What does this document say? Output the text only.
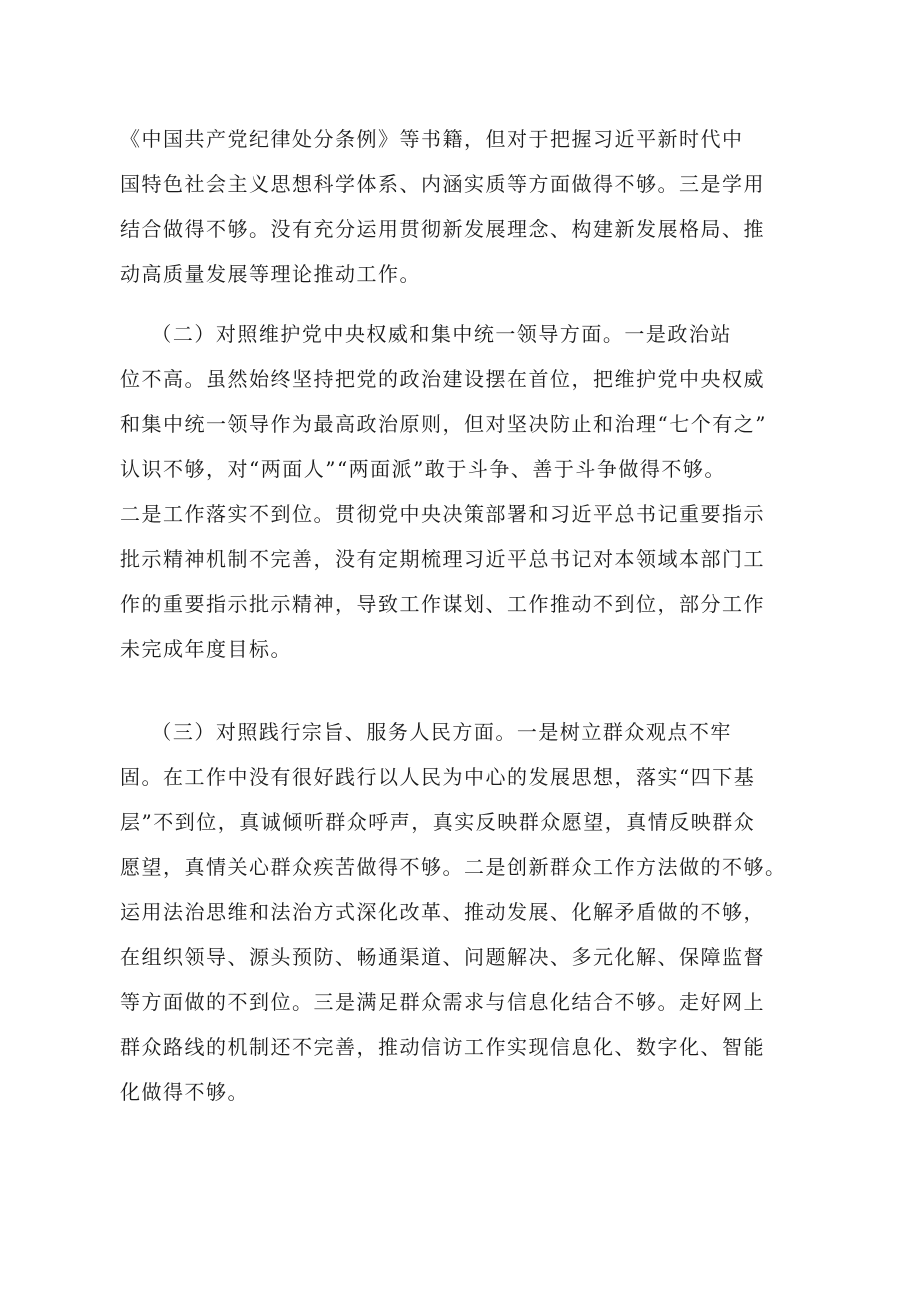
《中国共产党纪律处分条例》等书籍，但对于把握习近平新时代中
国特色社会主义思想科学体系、内涵实质等方面做得不够。三是学用
结合做得不够。没有充分运用贯彻新发展理念、构建新发展格局、推
动高质量发展等理论推动工作。

（二）对照维护党中央权威和集中统一领导方面。一是政治站
位不高。虽然始终坚持把党的政治建设摆在首位，把维护党中央权威
和集中统一领导作为最高政治原则，但对坚决防止和治理“七个有之”
认识不够，对“两面人”“两面派”敢于斗争、善于斗争做得不够。
二是工作落实不到位。贯彻党中央决策部署和习近平总书记重要指示
批示精神机制不完善，没有定期梳理习近平总书记对本领域本部门工
作的重要指示批示精神，导致工作谋划、工作推动不到位，部分工作
未完成年度目标。

（三）对照践行宗旨、服务人民方面。一是树立群众观点不牢
固。在工作中没有很好践行以人民为中心的发展思想，落实“四下基
层”不到位，真诚倾听群众呼声，真实反映群众愿望，真情反映群众
愿望，真情关心群众疾苦做得不够。二是创新群众工作方法做的不够。
运用法治思维和法治方式深化改革、推动发展、化解矛盾做的不够，
在组织领导、源头预防、畅通渠道、问题解决、多元化解、保障监督
等方面做的不到位。三是满足群众需求与信息化结合不够。走好网上
群众路线的机制还不完善，推动信访工作实现信息化、数字化、智能
化做得不够。
